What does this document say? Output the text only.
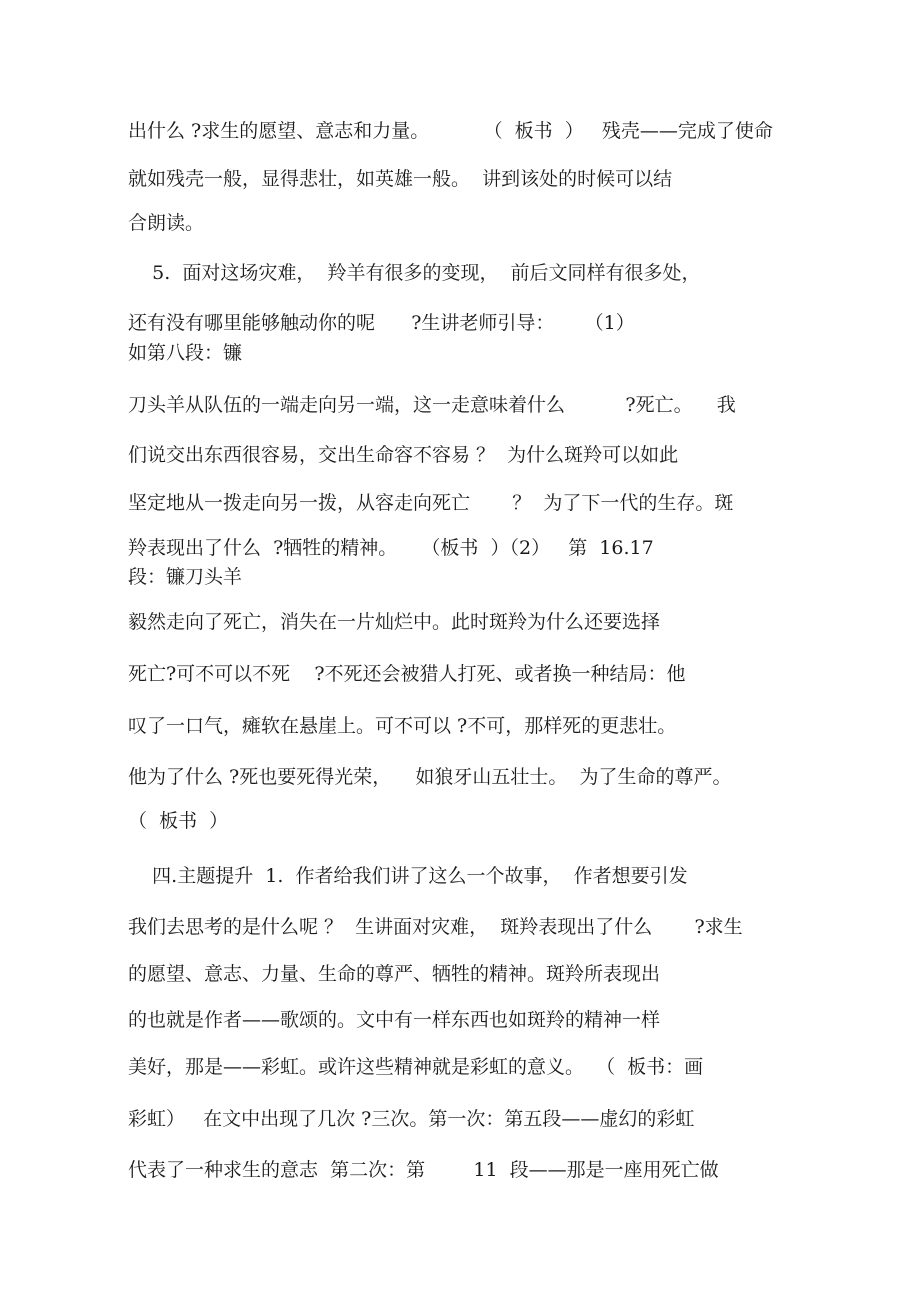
出什么 ?求生的愿望、意志和力量。         （  板书  ）   残壳——完成了使命

就如残壳一般，显得悲壮，如英雄一般。  讲到该处的时候可以结

合朗读。

5.  面对这场灾难，  羚羊有很多的变现，  前后文同样有很多处，

还有没有哪里能够触动你的呢      ?生讲老师引导：     （1）

如第八段：镰

刀头羊从队伍的一端走向另一端，这一走意味着什么          ?死亡。    我

们说交出东西很容易，交出生命容不容易 ？  为什么斑羚可以如此

坚定地从一拨走向另一拨，从容走向死亡       ？  为了下一代的生存。斑

羚表现出了什么  ?牺牲的精神。    （板书  ）（2）   第  16.17

段：镰刀头羊

毅然走向了死亡，消失在一片灿烂中。此时斑羚为什么还要选择

死亡?可不可以不死    ?不死还会被猎人打死、或者换一种结局：他

叹了一口气，瘫软在悬崖上。可不可以 ?不可，那样死的更悲壮。

他为了什么 ?死也要死得光荣，    如狼牙山五壮士。  为了生命的尊严。

（  板书  ）

四.主题提升  1.  作者给我们讲了这么一个故事，  作者想要引发

我们去思考的是什么呢 ？  生讲面对灾难，  斑羚表现出了什么       ?求生

的愿望、意志、力量、生命的尊严、牺牲的精神。斑羚所表现出

的也就是作者——歌颂的。文中有一样东西也如斑羚的精神一样

美好，那是——彩虹。或许这些精神就是彩虹的意义。  （  板书：画

彩虹）   在文中出现了几次 ?三次。第一次：第五段——虚幻的彩虹

代表了一种求生的意志  第二次：第        11  段——那是一座用死亡做
